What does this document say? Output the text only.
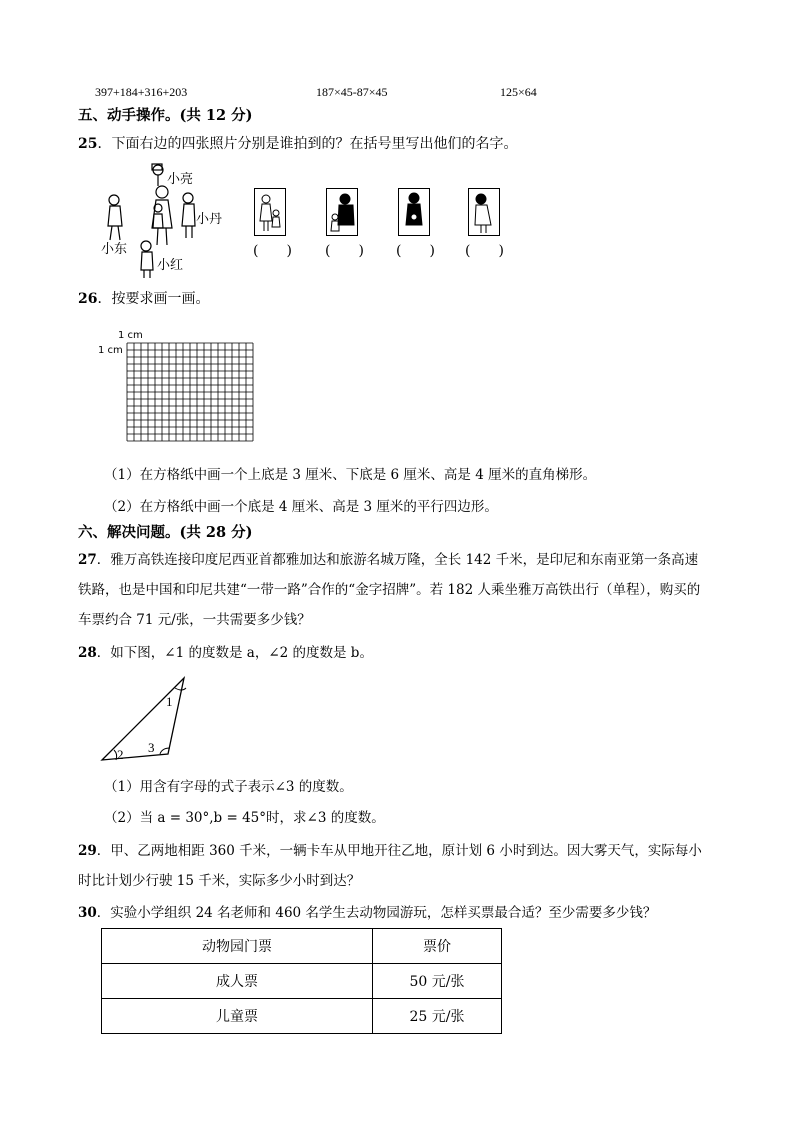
397+184+316+203	187×45-87×45	125×64
五、动手操作。(共 12 分)
25．下面右边的四张照片分别是谁拍到的？在括号里写出他们的名字。
小亮
小丹
小东
小红
(　　) (　　) (　　) (　　)
26．按要求画一画。
1 cm
1 cm
（1）在方格纸中画一个上底是 3 厘米、下底是 6 厘米、高是 4 厘米的直角梯形。
（2）在方格纸中画一个底是 4 厘米、高是 3 厘米的平行四边形。
六、解决问题。(共 28 分)
27．雅万高铁连接印度尼西亚首都雅加达和旅游名城万隆，全长 142 千米，是印尼和东南亚第一条高速
铁路，也是中国和印尼共建“一带一路”合作的“金字招牌”。若 182 人乘坐雅万高铁出行（单程），购买的
车票约合 71 元/张，一共需要多少钱？
28．如下图，∠1 的度数是 a，∠2 的度数是 b。
1
2 3
（1）用含有字母的式子表示∠3 的度数。
（2）当 a = 30°,b = 45°时，求∠3 的度数。
29．甲、乙两地相距 360 千米，一辆卡车从甲地开往乙地，原计划 6 小时到达。因大雾天气，实际每小
时比计划少行驶 15 千米，实际多少小时到达？
30．实验小学组织 24 名老师和 460 名学生去动物园游玩，怎样买票最合适？至少需要多少钱？
动物园门票	票价
成人票	50 元/张
儿童票	25 元/张
